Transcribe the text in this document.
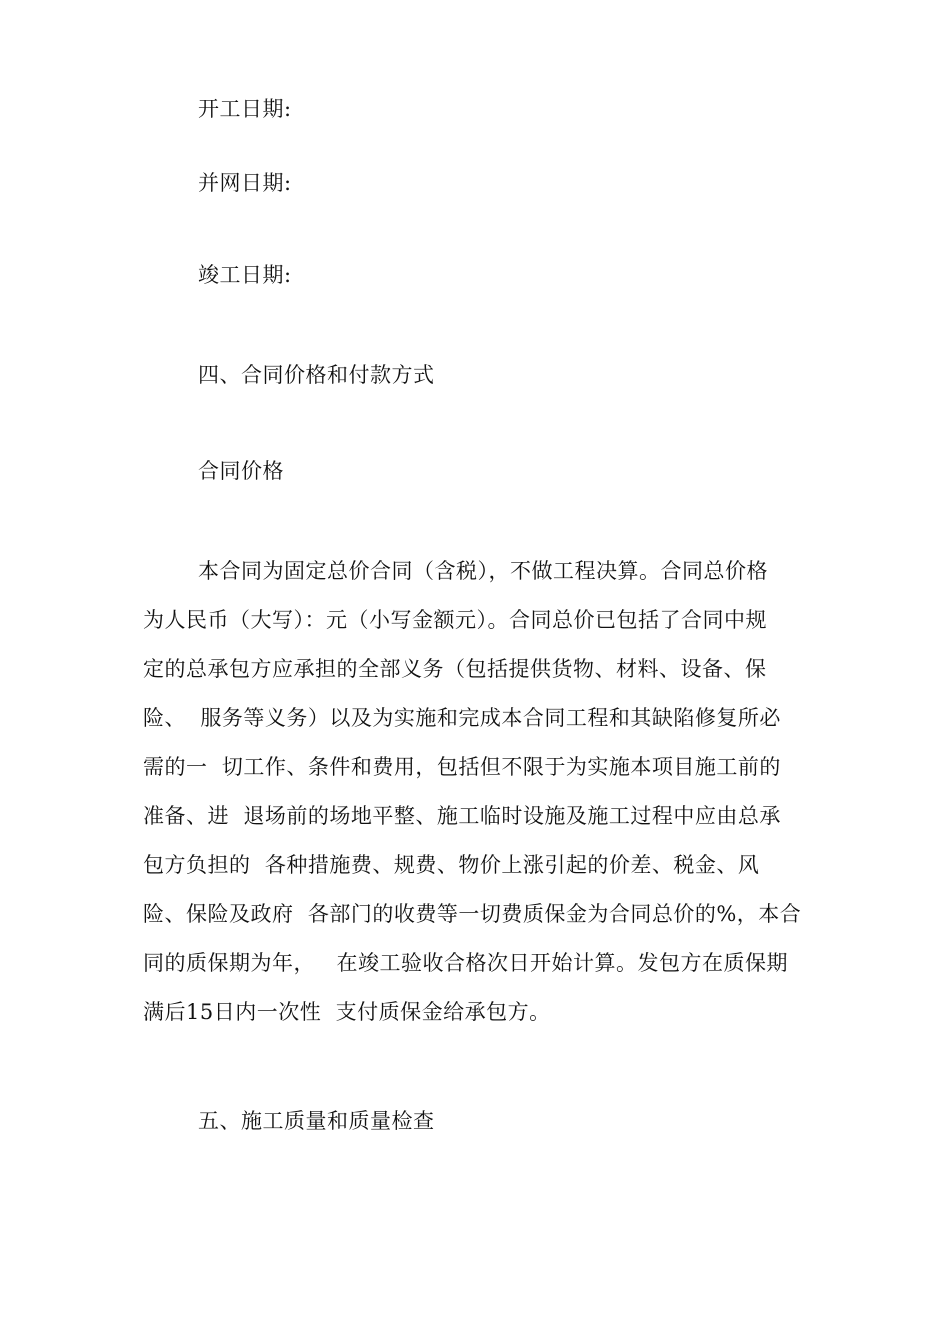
开工日期:
并网日期:
竣工日期:
四、合同价格和付款方式
合同价格
本合同为固定总价合同（含税），不做工程决算。合同总价格
为人民币（大写）：元（小写金额元）。合同总价已包括了合同中规
定的总承包方应承担的全部义务（包括提供货物、材料、设备、保
险、  服务等义务）以及为实施和完成本合同工程和其缺陷修复所必
需的一  切工作、条件和费用，包括但不限于为实施本项目施工前的
准备、进  退场前的场地平整、施工临时设施及施工过程中应由总承
包方负担的  各种措施费、规费、物价上涨引起的价差、税金、风
险、保险及政府  各部门的收费等一切费质保金为合同总价的%，本合
同的质保期为年，   在竣工验收合格次日开始计算。发包方在质保期
满后15日内一次性  支付质保金给承包方。
五、施工质量和质量检查
